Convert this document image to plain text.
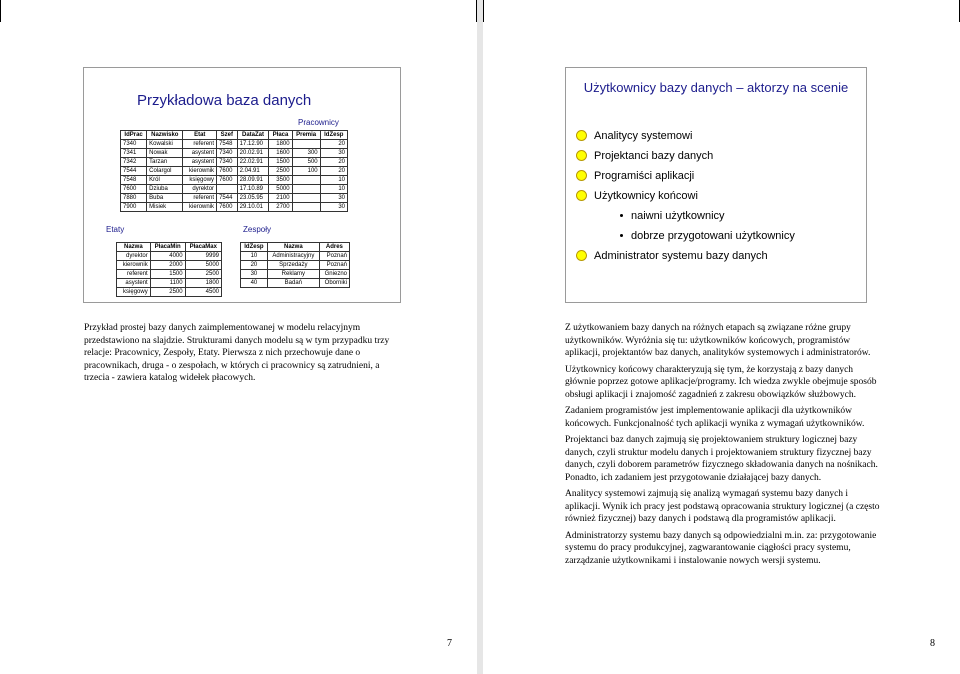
Przykładowa baza danych
Pracownicy
IdPrac	Nazwisko	Etat	Szef	DataZat	Płaca	Premia	IdZesp
7340	Kowalski	referent	7548	17.12.90	1800		20
7341	Nowak	asystent	7340	20.02.91	1600	300	30
7342	Tarzan	asystent	7340	22.02.91	1500	500	20
7544	Colargol	kierownik	7600	2.04.91	2500	100	20
7548	Król	księgowy	7600	28.09.91	3500		10
7600	Dziuba	dyrektor		17.10.89	5000		10
7880	Buba	referent	7544	23.05.95	2100		30
7900	Misiek	kierownik	7600	29.10.01	2700		30
Etaty
Nazwa	PłacaMin	PłacaMax
dyrektor	4000	9999
kierownik	2000	5000
referent	1500	2500
asystent	1100	1800
księgowy	2500	4500
Zespoły
IdZesp	Nazwa	Adres
10	Administracyjny	Poznań
20	Sprzedaży	Poznań
30	Reklamy	Gniezno
40	Badań	Oborniki

Przykład prostej bazy danych zaimplementowanej w modelu relacyjnym przedstawiono na slajdzie. Strukturami danych modelu są w tym przypadku trzy relacje: Pracownicy, Zespoły, Etaty. Pierwsza z nich przechowuje dane o pracownikach, druga - o zespołach, w których ci pracownicy są zatrudnieni, a trzecia - zawiera katalog widełek płacowych.

7
Użytkownicy bazy danych – aktorzy na scenie
Analitycy systemowi
Projektanci bazy danych
Programiści aplikacji
Użytkownicy końcowi
naiwni użytkownicy
dobrze przygotowani użytkownicy
Administrator systemu bazy danych

Z użytkowaniem bazy danych na różnych etapach są związane różne grupy użytkowników. Wyróżnia się tu: użytkowników końcowych, programistów aplikacji, projektantów baz danych, analityków systemowych i administratorów.

Użytkownicy końcowy charakteryzują się tym, że korzystają z bazy danych głównie poprzez gotowe aplikacje/programy. Ich wiedza zwykle obejmuje sposób obsługi aplikacji i znajomość zagadnień z zakresu obowiązków służbowych.

Zadaniem programistów jest implementowanie aplikacji dla użytkowników końcowych. Funkcjonalność tych aplikacji wynika z wymagań użytkowników.

Projektanci baz danych zajmują się projektowaniem struktury logicznej bazy danych, czyli struktur modelu danych i projektowaniem struktury fizycznej bazy danych, czyli doborem parametrów fizycznego składowania danych na nośnikach. Ponadto, ich zadaniem jest przygotowanie działającej bazy danych.

Analitycy systemowi zajmują się analizą wymagań systemu bazy danych i aplikacji. Wynik ich pracy jest podstawą opracowania struktury logicznej (a często również fizycznej) bazy danych i podstawą dla programistów aplikacji.

Administratorzy systemu bazy danych są odpowiedzialni m.in. za: przygotowanie systemu do pracy produkcyjnej, zagwarantowanie ciągłości pracy systemu, zarządzanie użytkownikami i instalowanie nowych wersji systemu.

8
